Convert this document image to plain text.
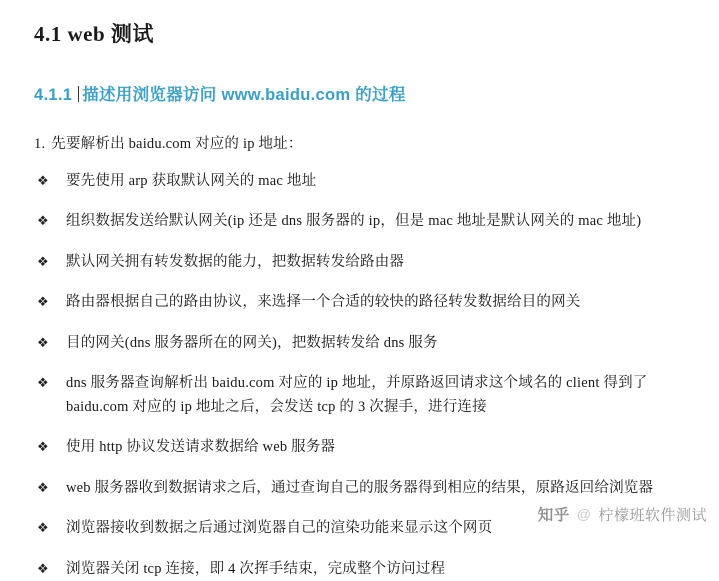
4.1 web 测试
4.1.1 描述用浏览器访问 www.baidu.com 的过程
1. 先要解析出 baidu.com 对应的 ip 地址：
❖	要先使用 arp 获取默认网关的 mac 地址
❖	组织数据发送给默认网关(ip 还是 dns 服务器的 ip，但是 mac 地址是默认网关的 mac 地址)
❖	默认网关拥有转发数据的能力，把数据转发给路由器
❖	路由器根据自己的路由协议，来选择一个合适的较快的路径转发数据给目的网关
❖	目的网关(dns 服务器所在的网关)，把数据转发给 dns 服务
❖	dns 服务器查询解析出 baidu.com 对应的 ip 地址，并原路返回请求这个域名的 client 得到了 baidu.com 对应的 ip 地址之后，会发送 tcp 的 3 次握手，进行连接
❖	使用 http 协议发送请求数据给 web 服务器
❖	web 服务器收到数据请求之后，通过查询自己的服务器得到相应的结果，原路返回给浏览器
❖	浏览器接收到数据之后通过浏览器自己的渲染功能来显示这个网页
❖	浏览器关闭 tcp 连接，即 4 次挥手结束，完成整个访问过程
知乎 @ 柠檬班软件测试
